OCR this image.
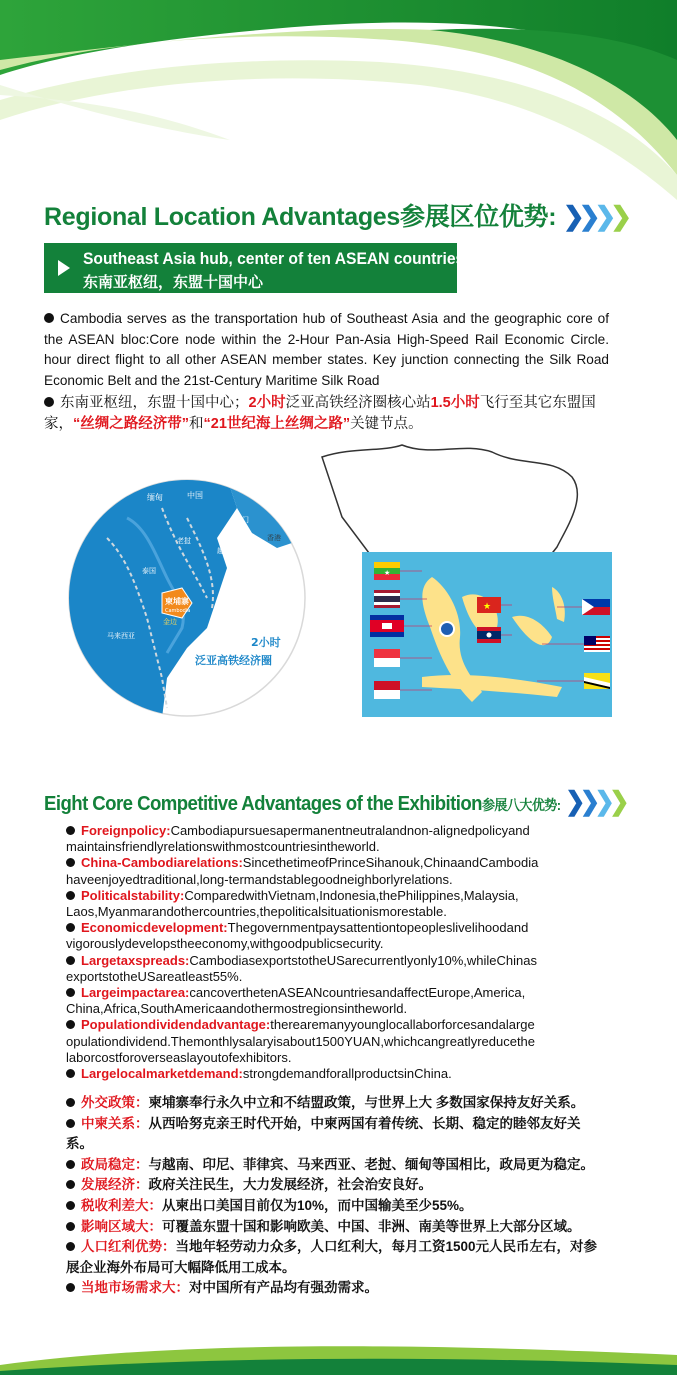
Regional Location Advantages参展区位优势: ❯❯❯❯
Southeast Asia hub, center of ten ASEAN countries
东南亚枢纽，东盟十国中心
Cambodia serves as the transportation hub of Southeast Asia and the geographic core of the ASEAN bloc:Core node within the 2-Hour Pan-Asia High-Speed Rail Economic Circle. hour direct flight to all other ASEAN member states. Key junction connecting the Silk Road Economic Belt and the 21st-Century Maritime Silk Road
东南亚枢纽，东盟十国中心；2小时泛亚高铁经济圈核心站1.5小时飞行至其它东盟国家，“丝绸之路经济带”和“21世纪海上丝绸之路”关键节点。
缅甸	中国
老挝
越南
泰国
柬埔寨
Cambodia
金边
马来西亚
香港
澳门
2小时
泛亚高铁经济圈
★
★
Eight Core Competitive Advantages of the Exhibition参展八大优势: ❯❯❯❯

Foreignpolicy:Cambodiapursuesapermanentneutralandnon-alignedpolicyand maintainsfriendlyrelationswithmostcountriesintheworld.

China-Cambodiarelations:SincethetimeofPrinceSihanouk,ChinaandCambodia haveenjoyedtraditional,long-termandstablegoodneighborlyrelations.

Politicalstability:ComparedwithVietnam,Indonesia,thePhilippines,Malaysia, Laos,Myanmarandothercountries,thepoliticalsituationismorestable.

Economicdevelopment:Thegovernmentpaysattentiontopeopleslivelihoodand vigorouslydevelopstheeconomy,withgoodpublicsecurity.

Largetaxspreads:CambodiasexportstotheUSarecurrentlyonly10%,whileChinas exportstotheUSareatleast55%.

Largeimpactarea:cancoverthetenASEANcountriesandaffectEurope,America, China,Africa,SouthAmericaandothermostregionsintheworld.

Populationdividendadvantage:therearemanyyounglocallaborforcesandalarge opulationdividend.Themonthlysalaryisabout1500YUAN,whichcangreatlyreducethe laborcostforoverseaslayoutofexhibitors.

Largelocalmarketdemand:strongdemandforallproductsinChina.

外交政策：柬埔寨奉行永久中立和不结盟政策，与世界上大 多数国家保持友好关系。

中柬关系：从西哈努克亲王时代开始，中柬两国有着传统、长期、稳定的睦邻友好关系。

政局稳定：与越南、印尼、菲律宾、马来西亚、老挝、缅甸等国相比，政局更为稳定。

发展经济：政府关注民生，大力发展经济，社会治安良好。

税收利差大：从柬出口美国目前仅为10%，而中国输美至少55%。

影响区域大：可覆盖东盟十国和影响欧美、中国、非洲、南美等世界上大部分区域。

人口红利优势：当地年轻劳动力众多，人口红利大，每月工资1500元人民币左右，对参展企业海外布局可大幅降低用工成本。

当地市场需求大：对中国所有产品均有强劲需求。
